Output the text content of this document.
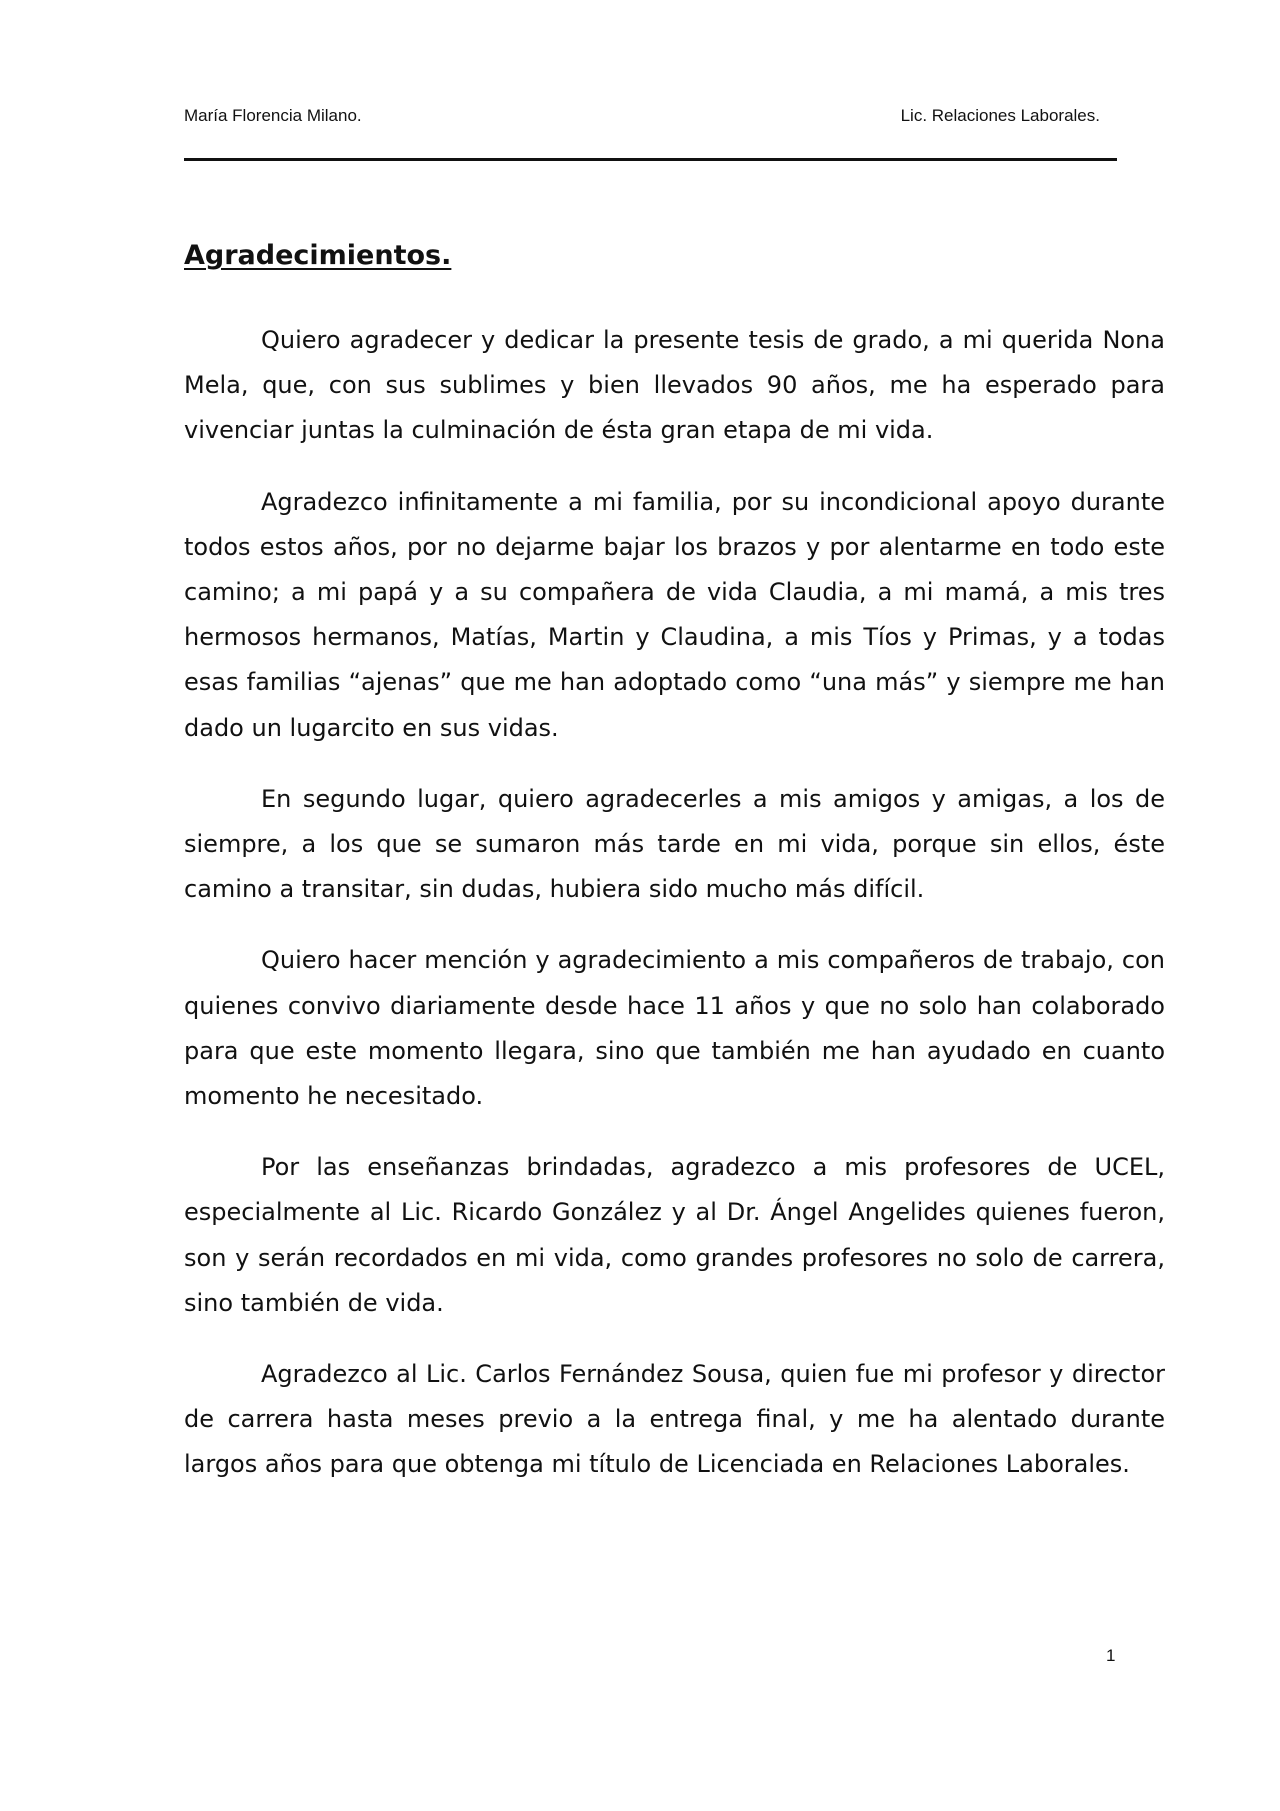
María Florencia Milano.	Lic. Relaciones Laborales.
Agradecimientos.

Quiero agradecer y dedicar la presente tesis de grado, a mi querida Nona Mela, que, con sus sublimes y bien llevados 90 años, me ha esperado para vivenciar juntas la culminación de ésta gran etapa de mi vida.

Agradezco infinitamente a mi familia, por su incondicional apoyo durante todos estos años, por no dejarme bajar los brazos y por alentarme en todo este camino; a mi papá y a su compañera de vida Claudia, a mi mamá, a mis tres hermosos hermanos, Matías, Martin y Claudina, a mis Tíos y Primas, y a todas esas familias “ajenas” que me han adoptado como “una más” y siempre me han dado un lugarcito en sus vidas.

En segundo lugar, quiero agradecerles a mis amigos y amigas, a los de siempre, a los que se sumaron más tarde en mi vida, porque sin ellos, éste camino a transitar, sin dudas, hubiera sido mucho más difícil.

Quiero hacer mención y agradecimiento a mis compañeros de trabajo, con quienes convivo diariamente desde hace 11 años y que no solo han colaborado para que este momento llegara, sino que también me han ayudado en cuanto momento he necesitado.

Por las enseñanzas brindadas, agradezco a mis profesores de UCEL, especialmente al Lic. Ricardo González y al Dr. Ángel Angelides quienes fueron, son y serán recordados en mi vida, como grandes profesores no solo de carrera, sino también de vida.

Agradezco al Lic. Carlos Fernández Sousa, quien fue mi profesor y director de carrera hasta meses previo a la entrega final, y me ha alentado durante largos años para que obtenga mi título de Licenciada en Relaciones Laborales.

1
